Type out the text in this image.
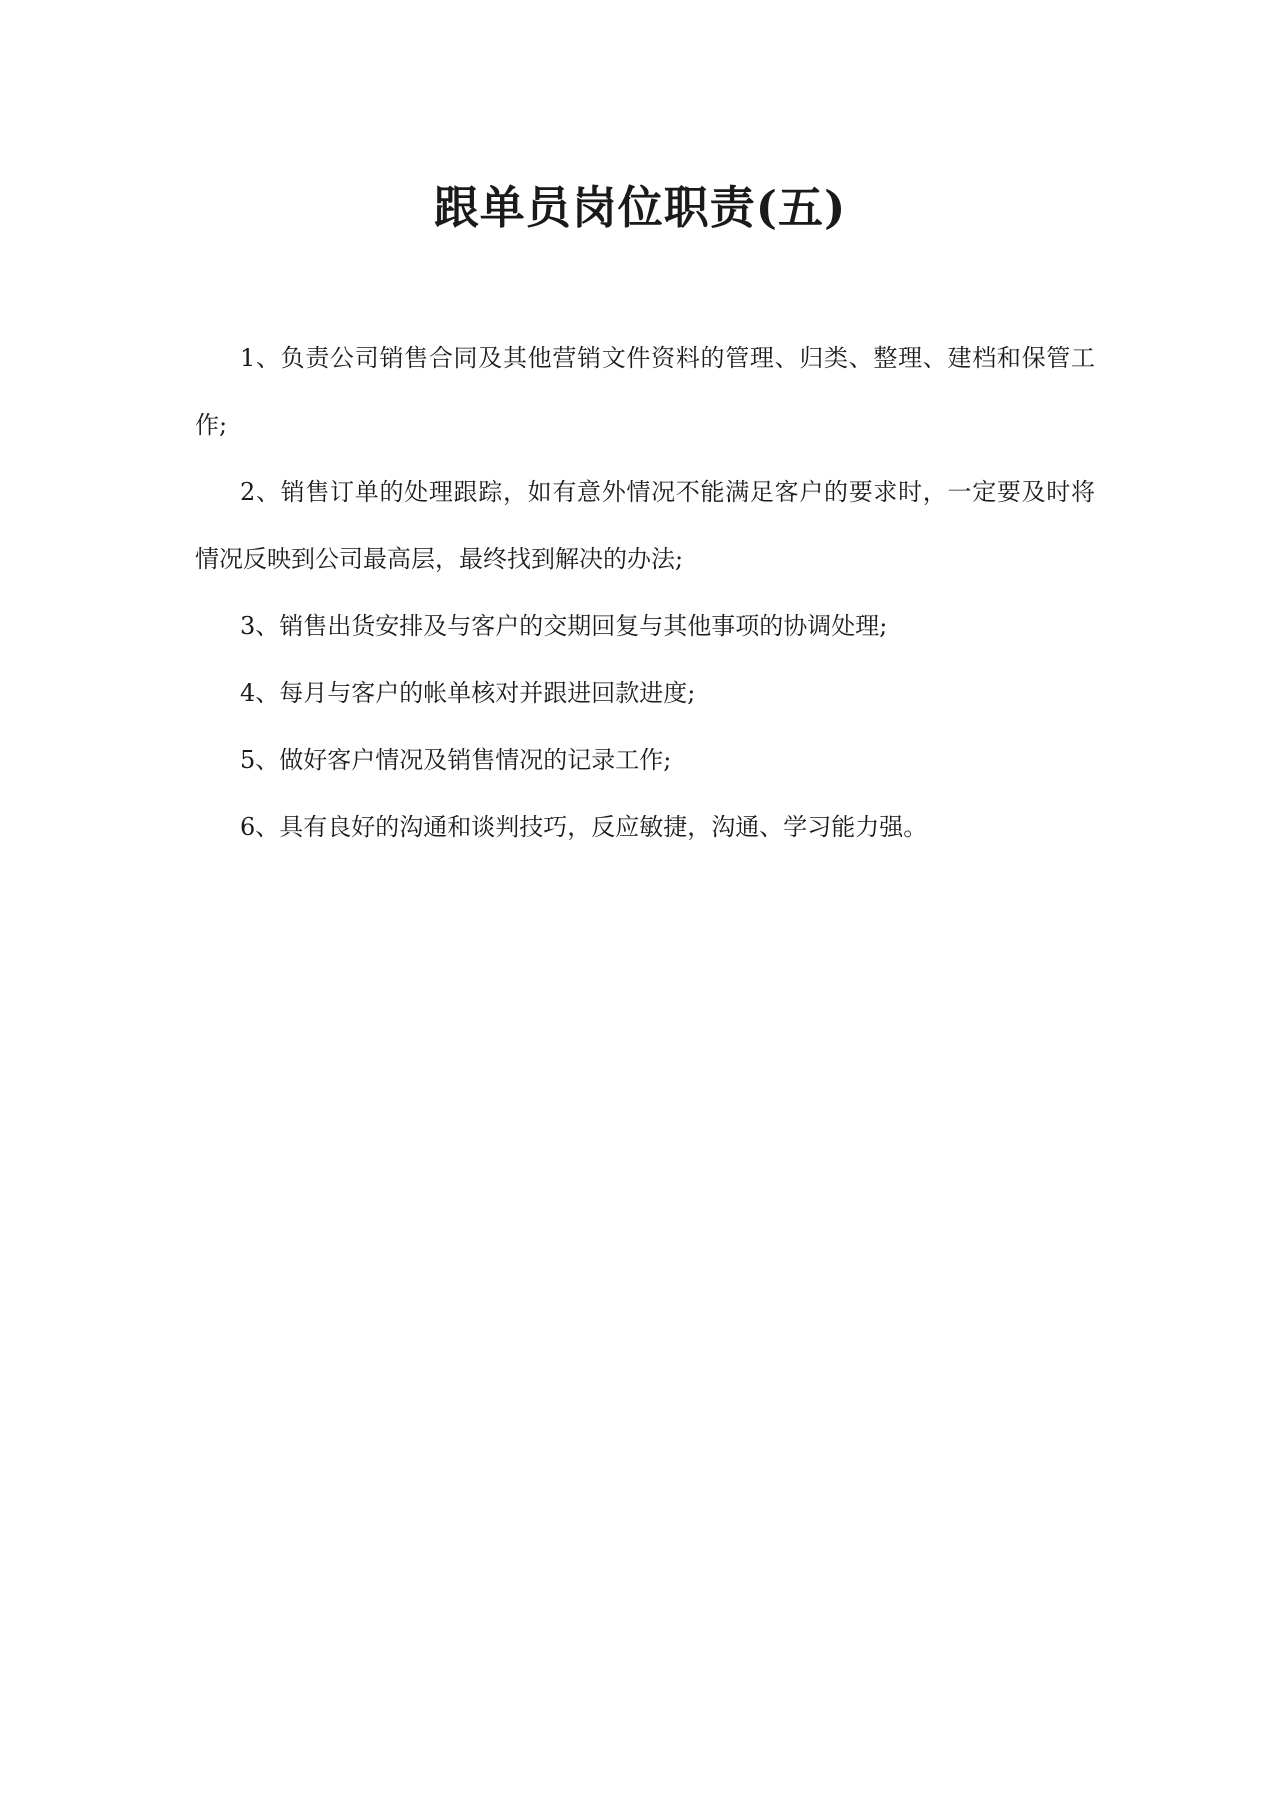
跟单员岗位职责(五)

1、负责公司销售合同及其他营销文件资料的管理、归类、整理、建档和保管工作;

2、销售订单的处理跟踪，如有意外情况不能满足客户的要求时，一定要及时将情况反映到公司最高层，最终找到解决的办法;

3、销售出货安排及与客户的交期回复与其他事项的协调处理;

4、每月与客户的帐单核对并跟进回款进度;

5、做好客户情况及销售情况的记录工作;

6、具有良好的沟通和谈判技巧，反应敏捷，沟通、学习能力强。
